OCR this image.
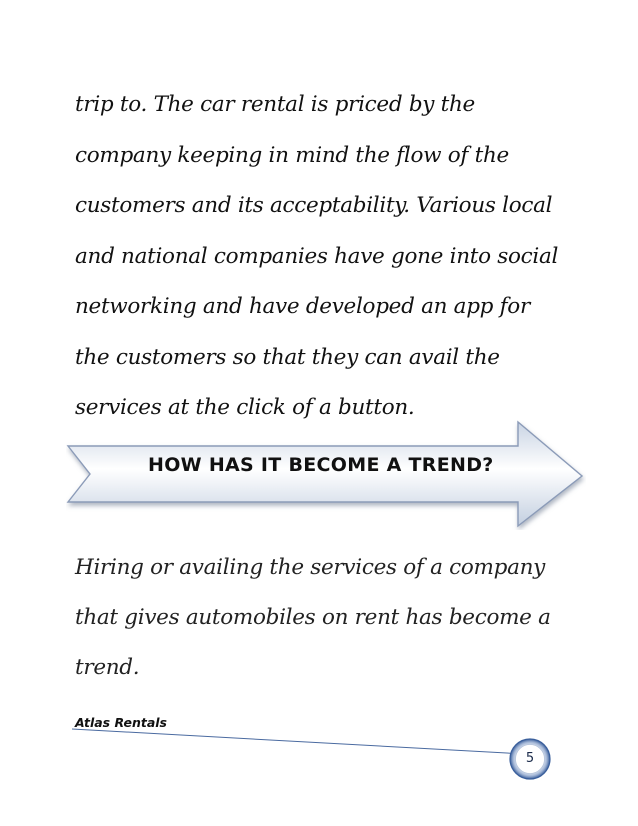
trip to. The car rental is priced by the
company keeping in mind the flow of the
customers and its acceptability. Various local
and national companies have gone into social
networking and have developed an app for
the customers so that they can avail the
services at the click of a button.

HOW HAS IT BECOME A TREND?

Hiring or availing the services of a company
that gives automobiles on rent has become a
trend.

Atlas Rentals
5
